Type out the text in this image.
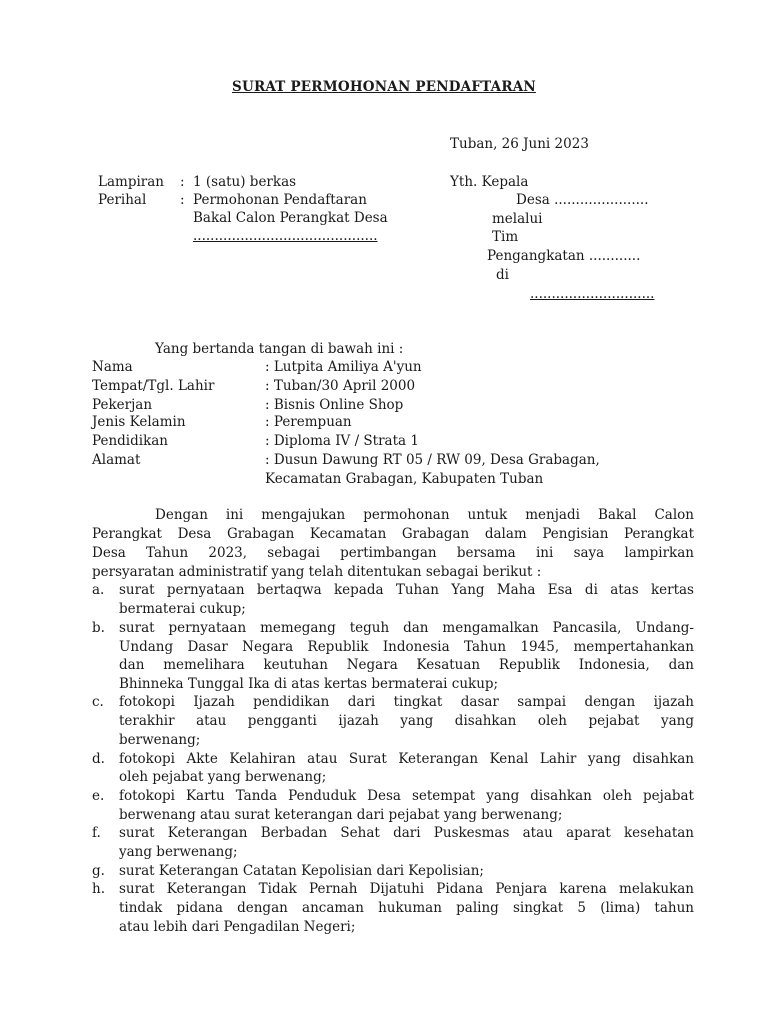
SURAT PERMOHONAN PENDAFTARAN
Tuban, 26 Juni 2023
Lampiran : 1 (satu) berkas
Perihal : Permohonan Pendaftaran
Bakal Calon Perangkat Desa
...........................................
Yth. Kepala
Desa ......................
melalui
Tim
Pengangkatan ............
di
.............................
Yang bertanda tangan di bawah ini :
Nama	: Lutpita Amiliya A'yun
Tempat/Tgl. Lahir	: Tuban/30 April 2000
Pekerjan	: Bisnis Online Shop
Jenis Kelamin	: Perempuan
Pendidikan	: Diploma IV / Strata 1
Alamat	: Dusun Dawung RT 05 / RW 09, Desa Grabagan,
Kecamatan Grabagan, Kabupaten Tuban
Dengan ini mengajukan permohonan untuk menjadi Bakal Calon
Perangkat Desa Grabagan Kecamatan Grabagan dalam Pengisian Perangkat
Desa Tahun 2023, sebagai pertimbangan bersama ini saya lampirkan
persyaratan administratif yang telah ditentukan sebagai berikut :
a.	surat pernyataan bertaqwa kepada Tuhan Yang Maha Esa di atas kertas
bermaterai cukup;
b.	surat pernyataan memegang teguh dan mengamalkan Pancasila, Undang-
Undang Dasar Negara Republik Indonesia Tahun 1945, mempertahankan
dan memelihara keutuhan Negara Kesatuan Republik Indonesia, dan
Bhinneka Tunggal Ika di atas kertas bermaterai cukup;
c.	fotokopi Ijazah pendidikan dari tingkat dasar sampai dengan ijazah
terakhir atau pengganti ijazah yang disahkan oleh pejabat yang
berwenang;
d.	fotokopi Akte Kelahiran atau Surat Keterangan Kenal Lahir yang disahkan
oleh pejabat yang berwenang;
e.	fotokopi Kartu Tanda Penduduk Desa setempat yang disahkan oleh pejabat
berwenang atau surat keterangan dari pejabat yang berwenang;
f.	surat Keterangan Berbadan Sehat dari Puskesmas atau aparat kesehatan
yang berwenang;
g.	surat Keterangan Catatan Kepolisian dari Kepolisian;
h.	surat Keterangan Tidak Pernah Dijatuhi Pidana Penjara karena melakukan
tindak pidana dengan ancaman hukuman paling singkat 5 (lima) tahun
atau lebih dari Pengadilan Negeri;
